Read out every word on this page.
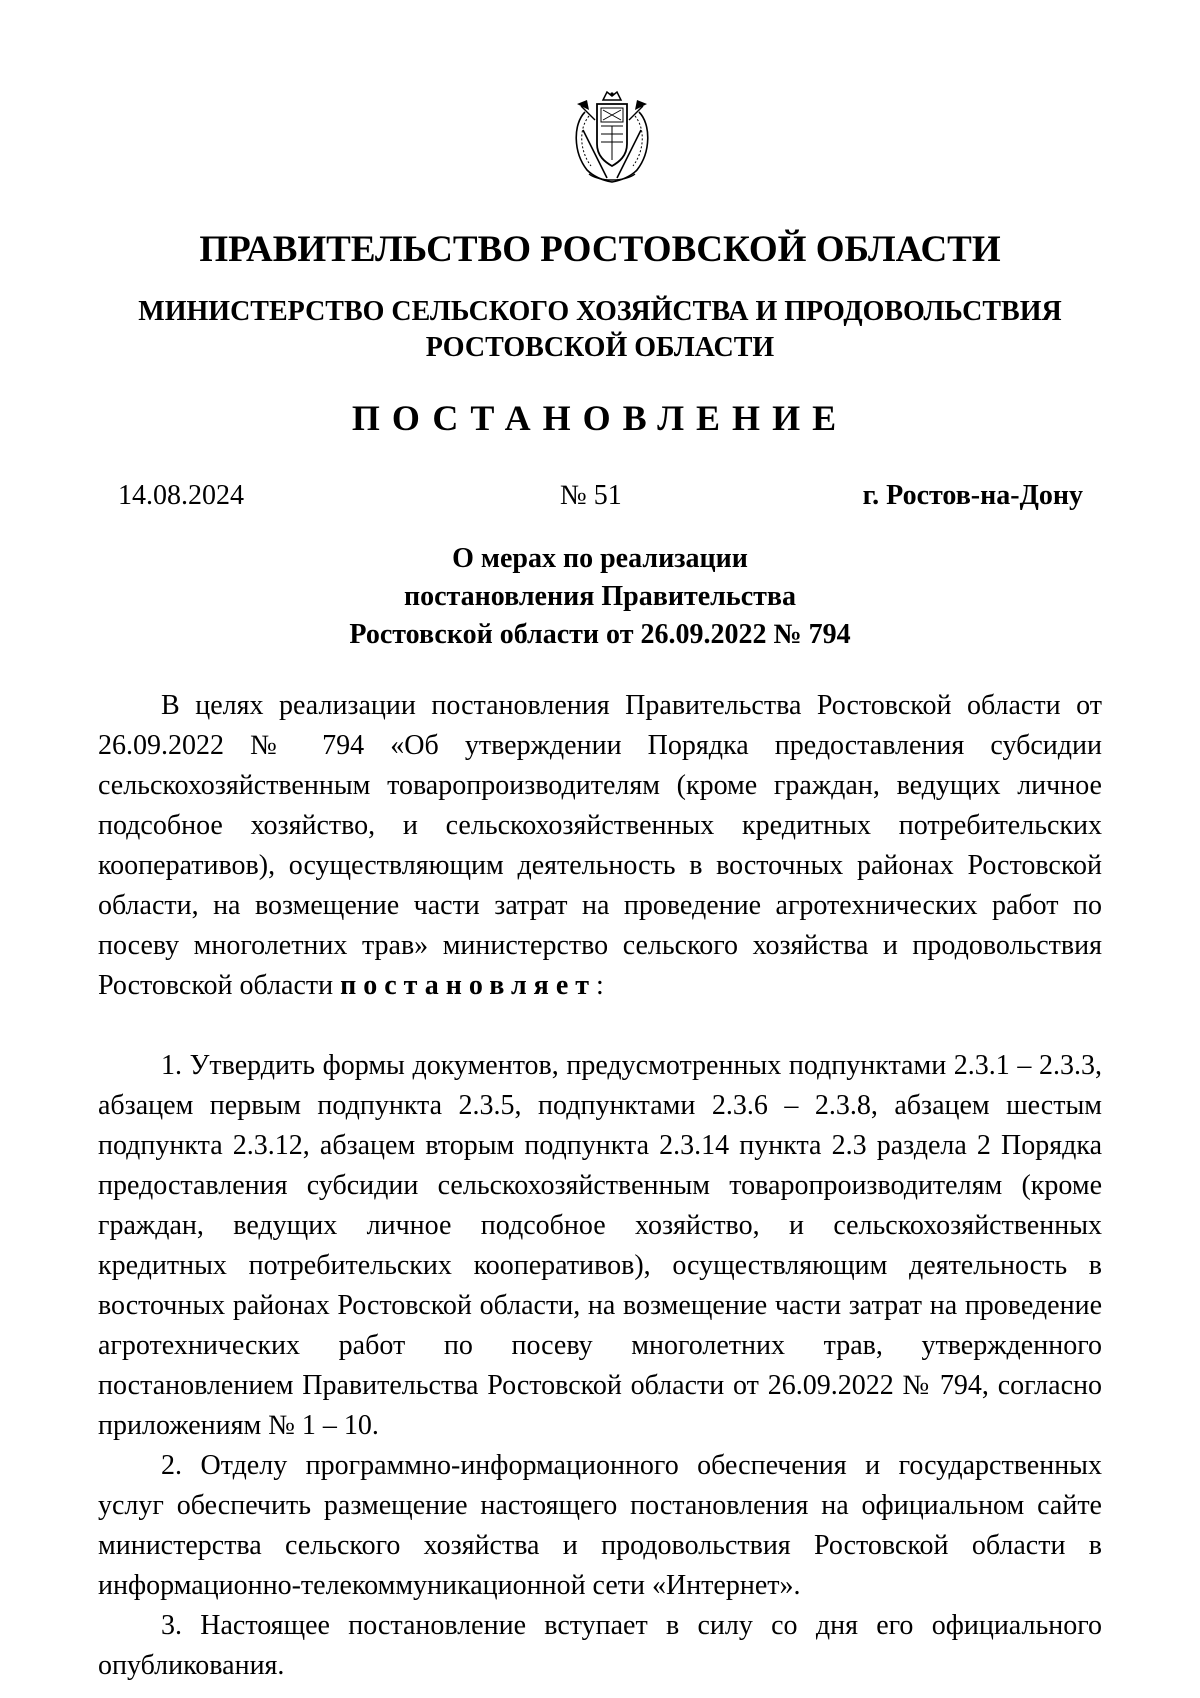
ПРАВИТЕЛЬСТВО РОСТОВСКОЙ ОБЛАСТИ
МИНИСТЕРСТВО СЕЛЬСКОГО ХОЗЯЙСТВА И ПРОДОВОЛЬСТВИЯ
РОСТОВСКОЙ ОБЛАСТИ
ПОСТАНОВЛЕНИЕ
14.08.2024	№ 51	г. Ростов-на-Дону
О мерах по реализации
постановления Правительства
Ростовской области от 26.09.2022 № 794

В целях реализации постановления Правительства Ростовской области от 26.09.2022 № 794 «Об утверждении Порядка предоставления субсидии сельскохозяйственным товаропроизводителям (кроме граждан, ведущих личное подсобное хозяйство, и сельскохозяйственных кредитных потребительских кооперативов), осуществляющим деятельность в восточных районах Ростовской области, на возмещение части затрат на проведение агротехнических работ по посеву многолетних трав» министерство сельского хозяйства и продовольствия Ростовской области постановляет:

1. Утвердить формы документов, предусмотренных подпунктами 2.3.1 – 2.3.3, абзацем первым подпункта 2.3.5, подпунктами 2.3.6 – 2.3.8, абзацем шестым подпункта 2.3.12, абзацем вторым подпункта 2.3.14 пункта 2.3 раздела 2 Порядка предоставления субсидии сельскохозяйственным товаропроизводителям (кроме граждан, ведущих личное подсобное хозяйство, и сельскохозяйственных кредитных потребительских кооперативов), осуществляющим деятельность в восточных районах Ростовской области, на возмещение части затрат на проведение агротехнических работ по посеву многолетних трав, утвержденного постановлением Правительства Ростовской области от 26.09.2022 № 794, согласно приложениям № 1 – 10.

2. Отделу программно-информационного обеспечения и государственных услуг обеспечить размещение настоящего постановления на официальном сайте министерства сельского хозяйства и продовольствия Ростовской области в информационно-телекоммуникационной сети «Интернет».

3. Настоящее постановление вступает в силу со дня его официального опубликования.
